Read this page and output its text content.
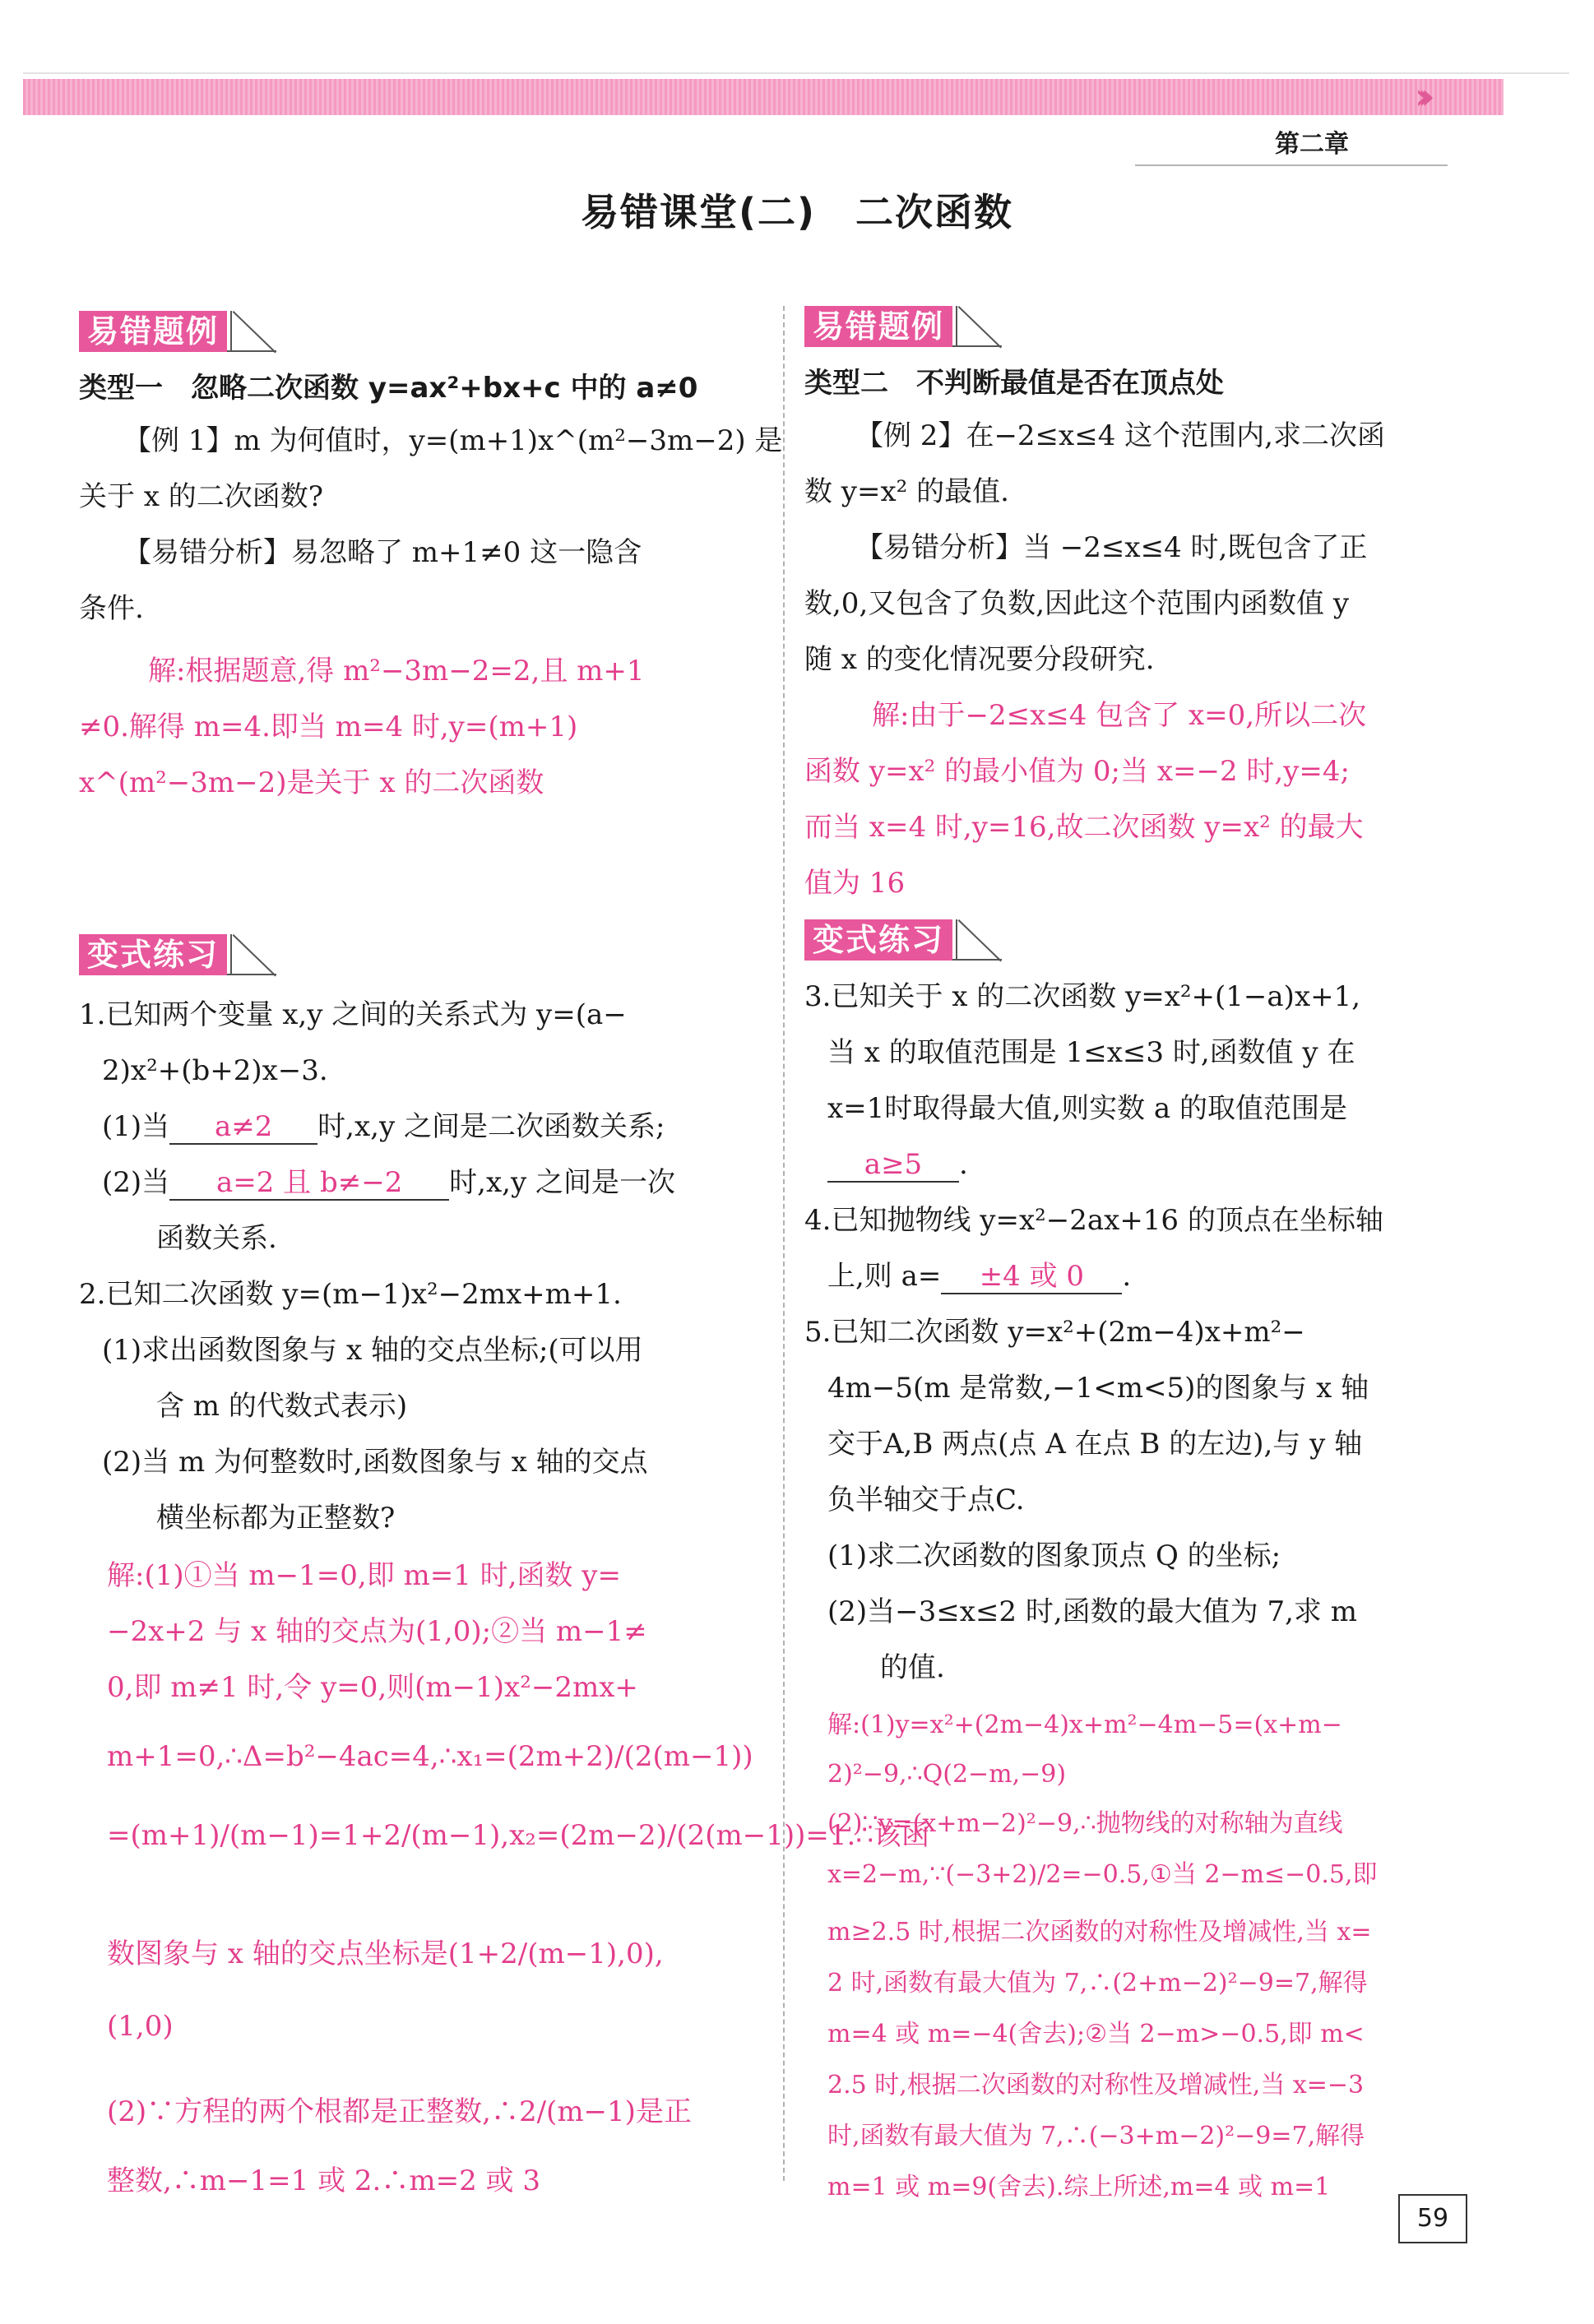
›››
第二章
易错课堂(二)　二次函数
易错题例
类型一　忽略二次函数 y=ax²+bx+c 中的 a≠0
【例 1】m 为何值时，y=(m+1)x^(m²−3m−2) 是
关于 x 的二次函数?
【易错分析】易忽略了 m+1≠0 这一隐含
条件.
解:根据题意,得 m²−3m−2=2,且 m+1
≠0.解得 m=4.即当 m=4 时,y=(m+1)
x^(m²−3m−2)是关于 x 的二次函数
变式练习
1.已知两个变量 x,y 之间的关系式为 y=(a−
2)x²+(b+2)x−3.
(1)当 a≠2 时,x,y 之间是二次函数关系;
(2)当 a=2 且 b≠−2 时,x,y 之间是一次
函数关系.
2.已知二次函数 y=(m−1)x²−2mx+m+1.
(1)求出函数图象与 x 轴的交点坐标;(可以用
含 m 的代数式表示)
(2)当 m 为何整数时,函数图象与 x 轴的交点
横坐标都为正整数?
解:(1)①当 m−1=0,即 m=1 时,函数 y=
−2x+2 与 x 轴的交点为(1,0);②当 m−1≠
0,即 m≠1 时,令 y=0,则(m−1)x²−2mx+
m+1=0,∴Δ=b²−4ac=4,∴x₁=(2m+2)/(2(m−1))
=(m+1)/(m−1)=1+2/(m−1),x₂=(2m−2)/(2(m−1))=1.∴该函
数图象与 x 轴的交点坐标是(1+2/(m−1),0),
(1,0)
(2)∵方程的两个根都是正整数,∴2/(m−1)是正
整数,∴m−1=1 或 2.∴m=2 或 3
易错题例
类型二　不判断最值是否在顶点处
【例 2】在−2≤x≤4 这个范围内,求二次函
数 y=x² 的最值.
【易错分析】当 −2≤x≤4 时,既包含了正
数,0,又包含了负数,因此这个范围内函数值 y
随 x 的变化情况要分段研究.
解:由于−2≤x≤4 包含了 x=0,所以二次
函数 y=x² 的最小值为 0;当 x=−2 时,y=4;
而当 x=4 时,y=16,故二次函数 y=x² 的最大
值为 16
变式练习
3.已知关于 x 的二次函数 y=x²+(1−a)x+1,
当 x 的取值范围是 1≤x≤3 时,函数值 y 在
x=1时取得最大值,则实数 a 的取值范围是
a≥5 .
4.已知抛物线 y=x²−2ax+16 的顶点在坐标轴
上,则 a= ±4 或 0 .
5.已知二次函数 y=x²+(2m−4)x+m²−
4m−5(m 是常数,−1<m<5)的图象与 x 轴
交于A,B 两点(点 A 在点 B 的左边),与 y 轴
负半轴交于点C.
(1)求二次函数的图象顶点 Q 的坐标;
(2)当−3≤x≤2 时,函数的最大值为 7,求 m
的值.
解:(1)y=x²+(2m−4)x+m²−4m−5=(x+m−
2)²−9,∴Q(2−m,−9)
(2)∵y=(x+m−2)²−9,∴抛物线的对称轴为直线
x=2−m,∵(−3+2)/2=−0.5,①当 2−m≤−0.5,即
m≥2.5 时,根据二次函数的对称性及增减性,当 x=
2 时,函数有最大值为 7,∴(2+m−2)²−9=7,解得
m=4 或 m=−4(舍去);②当 2−m>−0.5,即 m<
2.5 时,根据二次函数的对称性及增减性,当 x=−3
时,函数有最大值为 7,∴(−3+m−2)²−9=7,解得
m=1 或 m=9(舍去).综上所述,m=4 或 m=1
59
